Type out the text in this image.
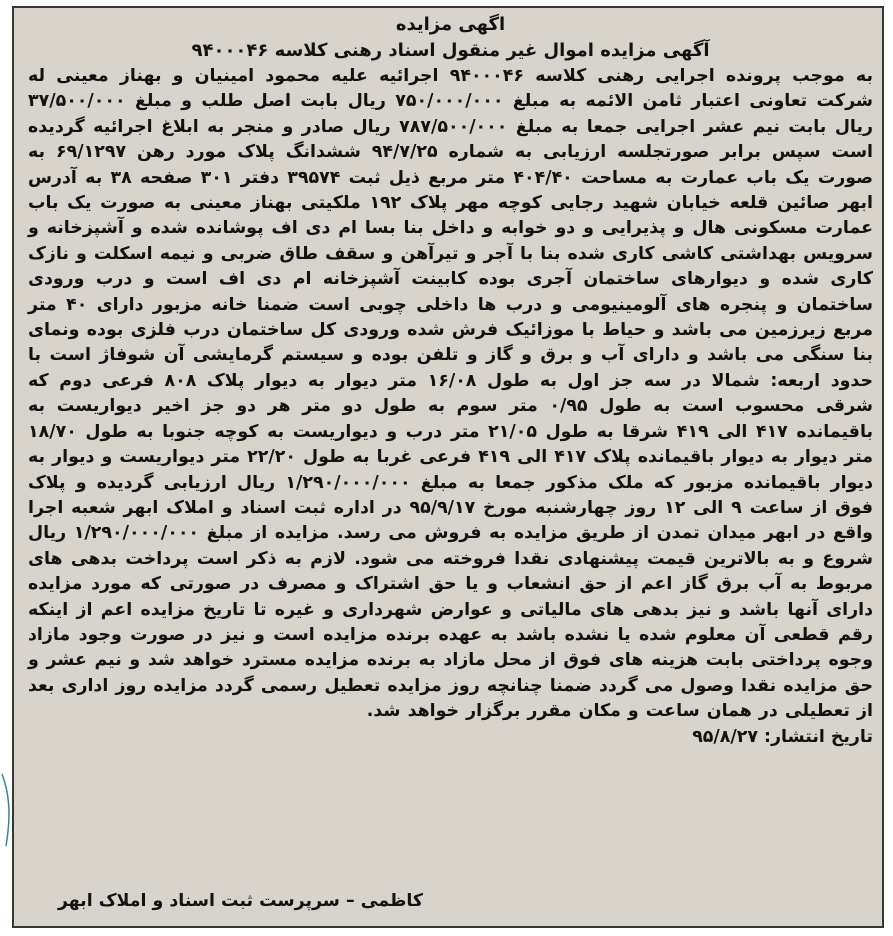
اگهی مزایده

آگهی مزایده اموال غیر منقول اسناد رهنی کلاسه ۹۴۰۰۰۴۶

به موجب پرونده اجرایی رهنی کلاسه ۹۴۰۰۰۴۶ اجرائیه علیه محمود امینیان و بهناز معینی له شرکت تعاونی اعتبار ثامن الائمه به مبلغ ۷۵۰/۰۰۰/۰۰۰ ریال بابت اصل طلب و مبلغ ۳۷/۵۰۰/۰۰۰ ریال بابت نیم عشر اجرایی جمعا به مبلغ ۷۸۷/۵۰۰/۰۰۰ ریال صادر و منجر به ابلاغ اجرائیه گردیده است سپس برابر صورتجلسه ارزیابی به شماره ۹۴/۷/۲۵ ششدانگ پلاک مورد رهن ۶۹/۱۲۹۷ به صورت یک باب عمارت به مساحت ۴۰۴/۴۰ متر مربع ذیل ثبت ۳۹۵۷۴ دفتر ۳۰۱ صفحه ۳۸ به آدرس ابهر صائین قلعه خیابان شهید رجایی کوچه مهر پلاک ۱۹۲ ملکیتی بهناز معینی به صورت یک باب عمارت مسکونی هال و پذیرایی و دو خوابه و داخل بنا بسا ام دی اف پوشانده شده و آشپزخانه و سرویس بهداشتی کاشی کاری شده بنا با آجر و تیرآهن و سقف طاق ضربی و نیمه اسکلت و نازک کاری شده و دیوارهای ساختمان آجری بوده کابینت آشپزخانه ام دی اف است و درب ورودی ساختمان و پنجره های آلومینیومی و درب ها داخلی چوبی است ضمنا خانه مزبور دارای ۴۰ متر مربع زیرزمین می باشد و حیاط با موزائیک فرش شده ورودی کل ساختمان درب فلزی بوده ونمای بنا سنگی می باشد و دارای آب و برق و گاز و تلفن بوده و سیستم گرمایشی آن شوفاژ است با حدود اربعه: شمالا در سه جز اول به طول ۱۶/۰۸ متر دیوار به دیوار پلاک ۸۰۸ فرعی دوم که شرقی محسوب است به طول ۰/۹۵ متر سوم به طول دو متر هر دو جز اخیر دیواریست به باقیمانده ۴۱۷ الی ۴۱۹ شرقا به طول ۲۱/۰۵ متر درب و دیواریست به کوچه جنوبا به طول ۱۸/۷۰ متر دیوار به دیوار باقیمانده پلاک ۴۱۷ الی ۴۱۹ فرعی غربا به طول ۲۲/۲۰ متر دیواریست و دیوار به دیوار باقیمانده مزبور که ملک مذکور جمعا به مبلغ ۱/۲۹۰/۰۰۰/۰۰۰ ریال ارزیابی گردیده و پلاک فوق از ساعت ۹ الی ۱۲ روز چهارشنبه مورخ ۹۵/۹/۱۷ در اداره ثبت اسناد و املاک ابهر شعبه اجرا واقع در ابهر میدان تمدن از طریق مزایده به فروش می رسد. مزایده از مبلغ ۱/۲۹۰/۰۰۰/۰۰۰ ریال شروع و به بالاترین قیمت پیشنهادی نقدا فروخته می شود. لازم به ذکر است پرداخت بدهی های مربوط به آب برق گاز اعم از حق انشعاب و یا حق اشتراک و مصرف در صورتی که مورد مزایده دارای آنها باشد و نیز بدهی های مالیاتی و عوارض شهرداری و غیره تا تاریخ مزایده اعم از اینکه رقم قطعی آن معلوم شده یا نشده باشد به عهده برنده مزایده است و نیز در صورت وجود مازاد وجوه پرداختی بابت هزینه های فوق از محل مازاد به برنده مزایده مسترد خواهد شد و نیم عشر و حق مزایده نقدا وصول می گردد ضمنا چنانچه روز مزایده تعطیل رسمی گردد مزایده روز اداری بعد از تعطیلی در همان ساعت و مکان مقرر برگزار خواهد شد.

تاریخ انتشار: ۹۵/۸/۲۷

کاظمی – سرپرست ثبت اسناد و املاک ابهر
